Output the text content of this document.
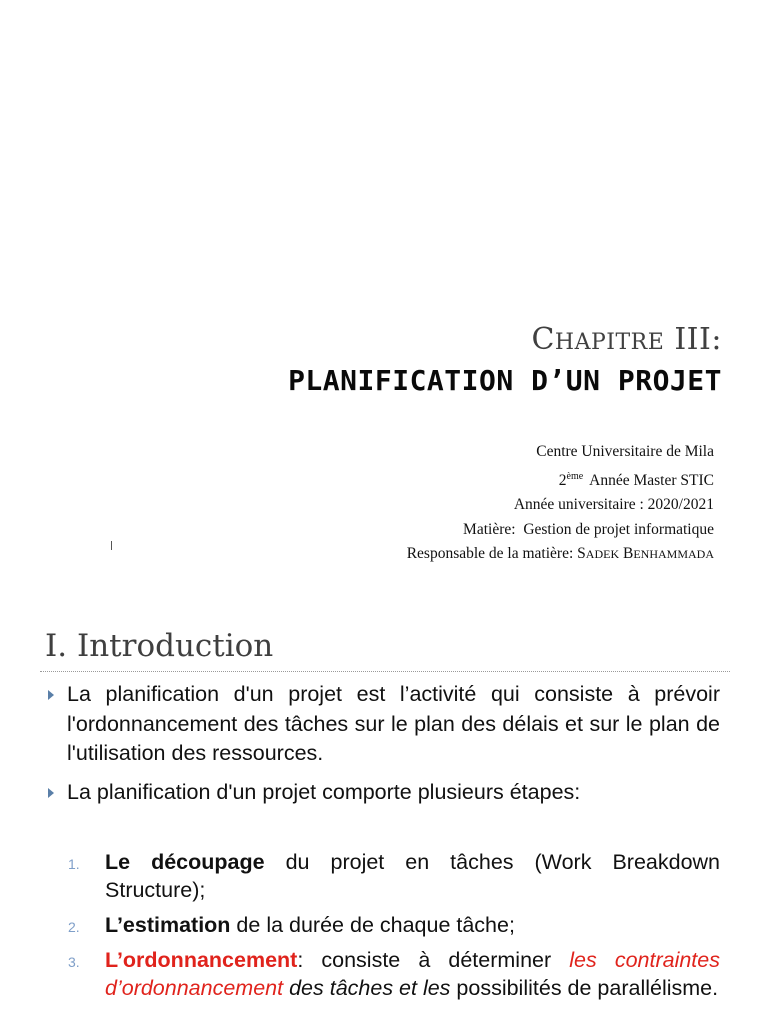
CHAPITRE III:
PLANIFICATION D’UN PROJET
Centre Universitaire de Mila
2ème Année Master STIC
Année universitaire : 2020/2021
Matière: Gestion de projet informatique
Responsable de la matière: SADEK BENHAMMADA
I. Introduction
La planification d'un projet est l’activité qui consiste à prévoir l'ordonnancement des tâches sur le plan des délais et sur le plan de l'utilisation des ressources.
La planification d'un projet comporte plusieurs étapes:
1. Le découpage du projet en tâches (Work Breakdown Structure);
2. L’estimation de la durée de chaque tâche;
3. L’ordonnancement: consiste à déterminer les contraintes d’ordonnancement des tâches et les possibilités de parallélisme.
